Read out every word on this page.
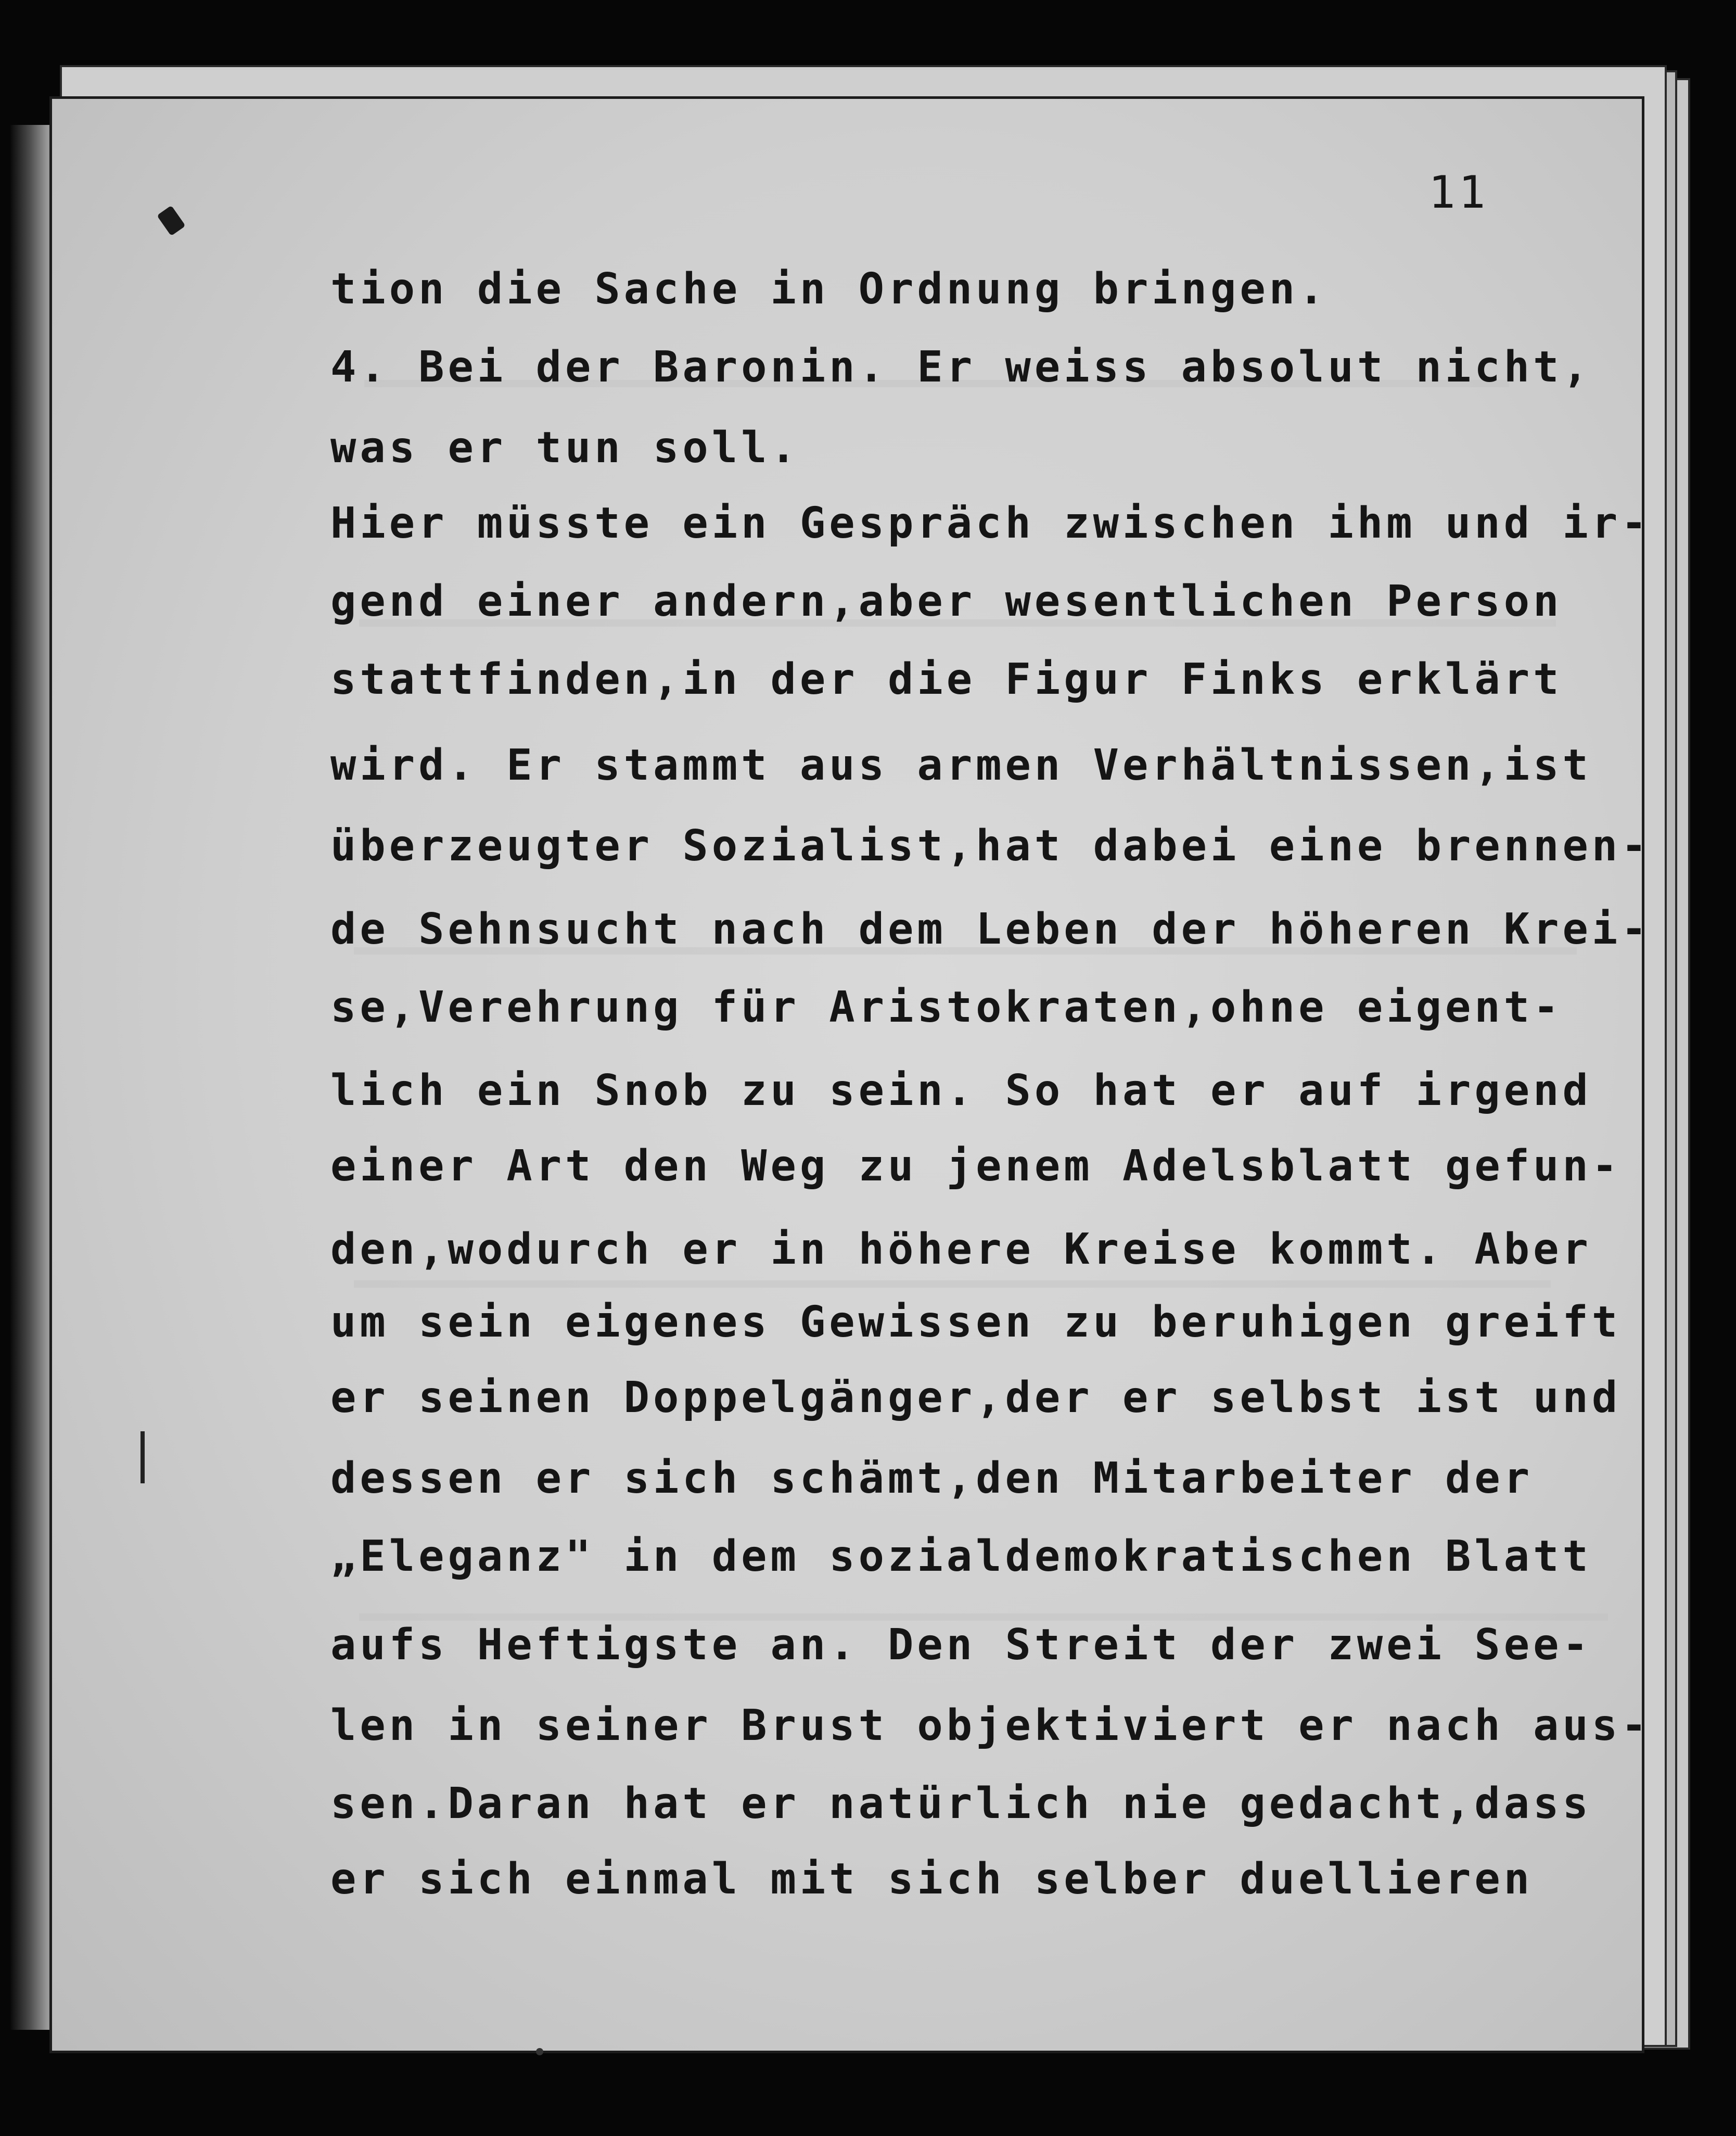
11
tion die Sache in Ordnung bringen.
4. Bei der Baronin. Er weiss absolut nicht,
was er tun soll.
Hier müsste ein Gespräch zwischen ihm und ir-
gend einer andern,aber wesentlichen Person
stattfinden,in der die Figur Finks erklärt
wird. Er stammt aus armen Verhältnissen,ist
überzeugter Sozialist,hat dabei eine brennen-
de Sehnsucht nach dem Leben der höheren Krei-
se,Verehrung für Aristokraten,ohne eigent-
lich ein Snob zu sein. So hat er auf irgend
einer Art den Weg zu jenem Adelsblatt gefun-
den,wodurch er in höhere Kreise kommt. Aber
um sein eigenes Gewissen zu beruhigen greift
er seinen Doppelgänger,der er selbst ist und
dessen er sich schämt,den Mitarbeiter der
„Eleganz" in dem sozialdemokratischen Blatt
aufs Heftigste an. Den Streit der zwei See-
len in seiner Brust objektiviert er nach aus-
sen.Daran hat er natürlich nie gedacht,dass
er sich einmal mit sich selber duellieren
